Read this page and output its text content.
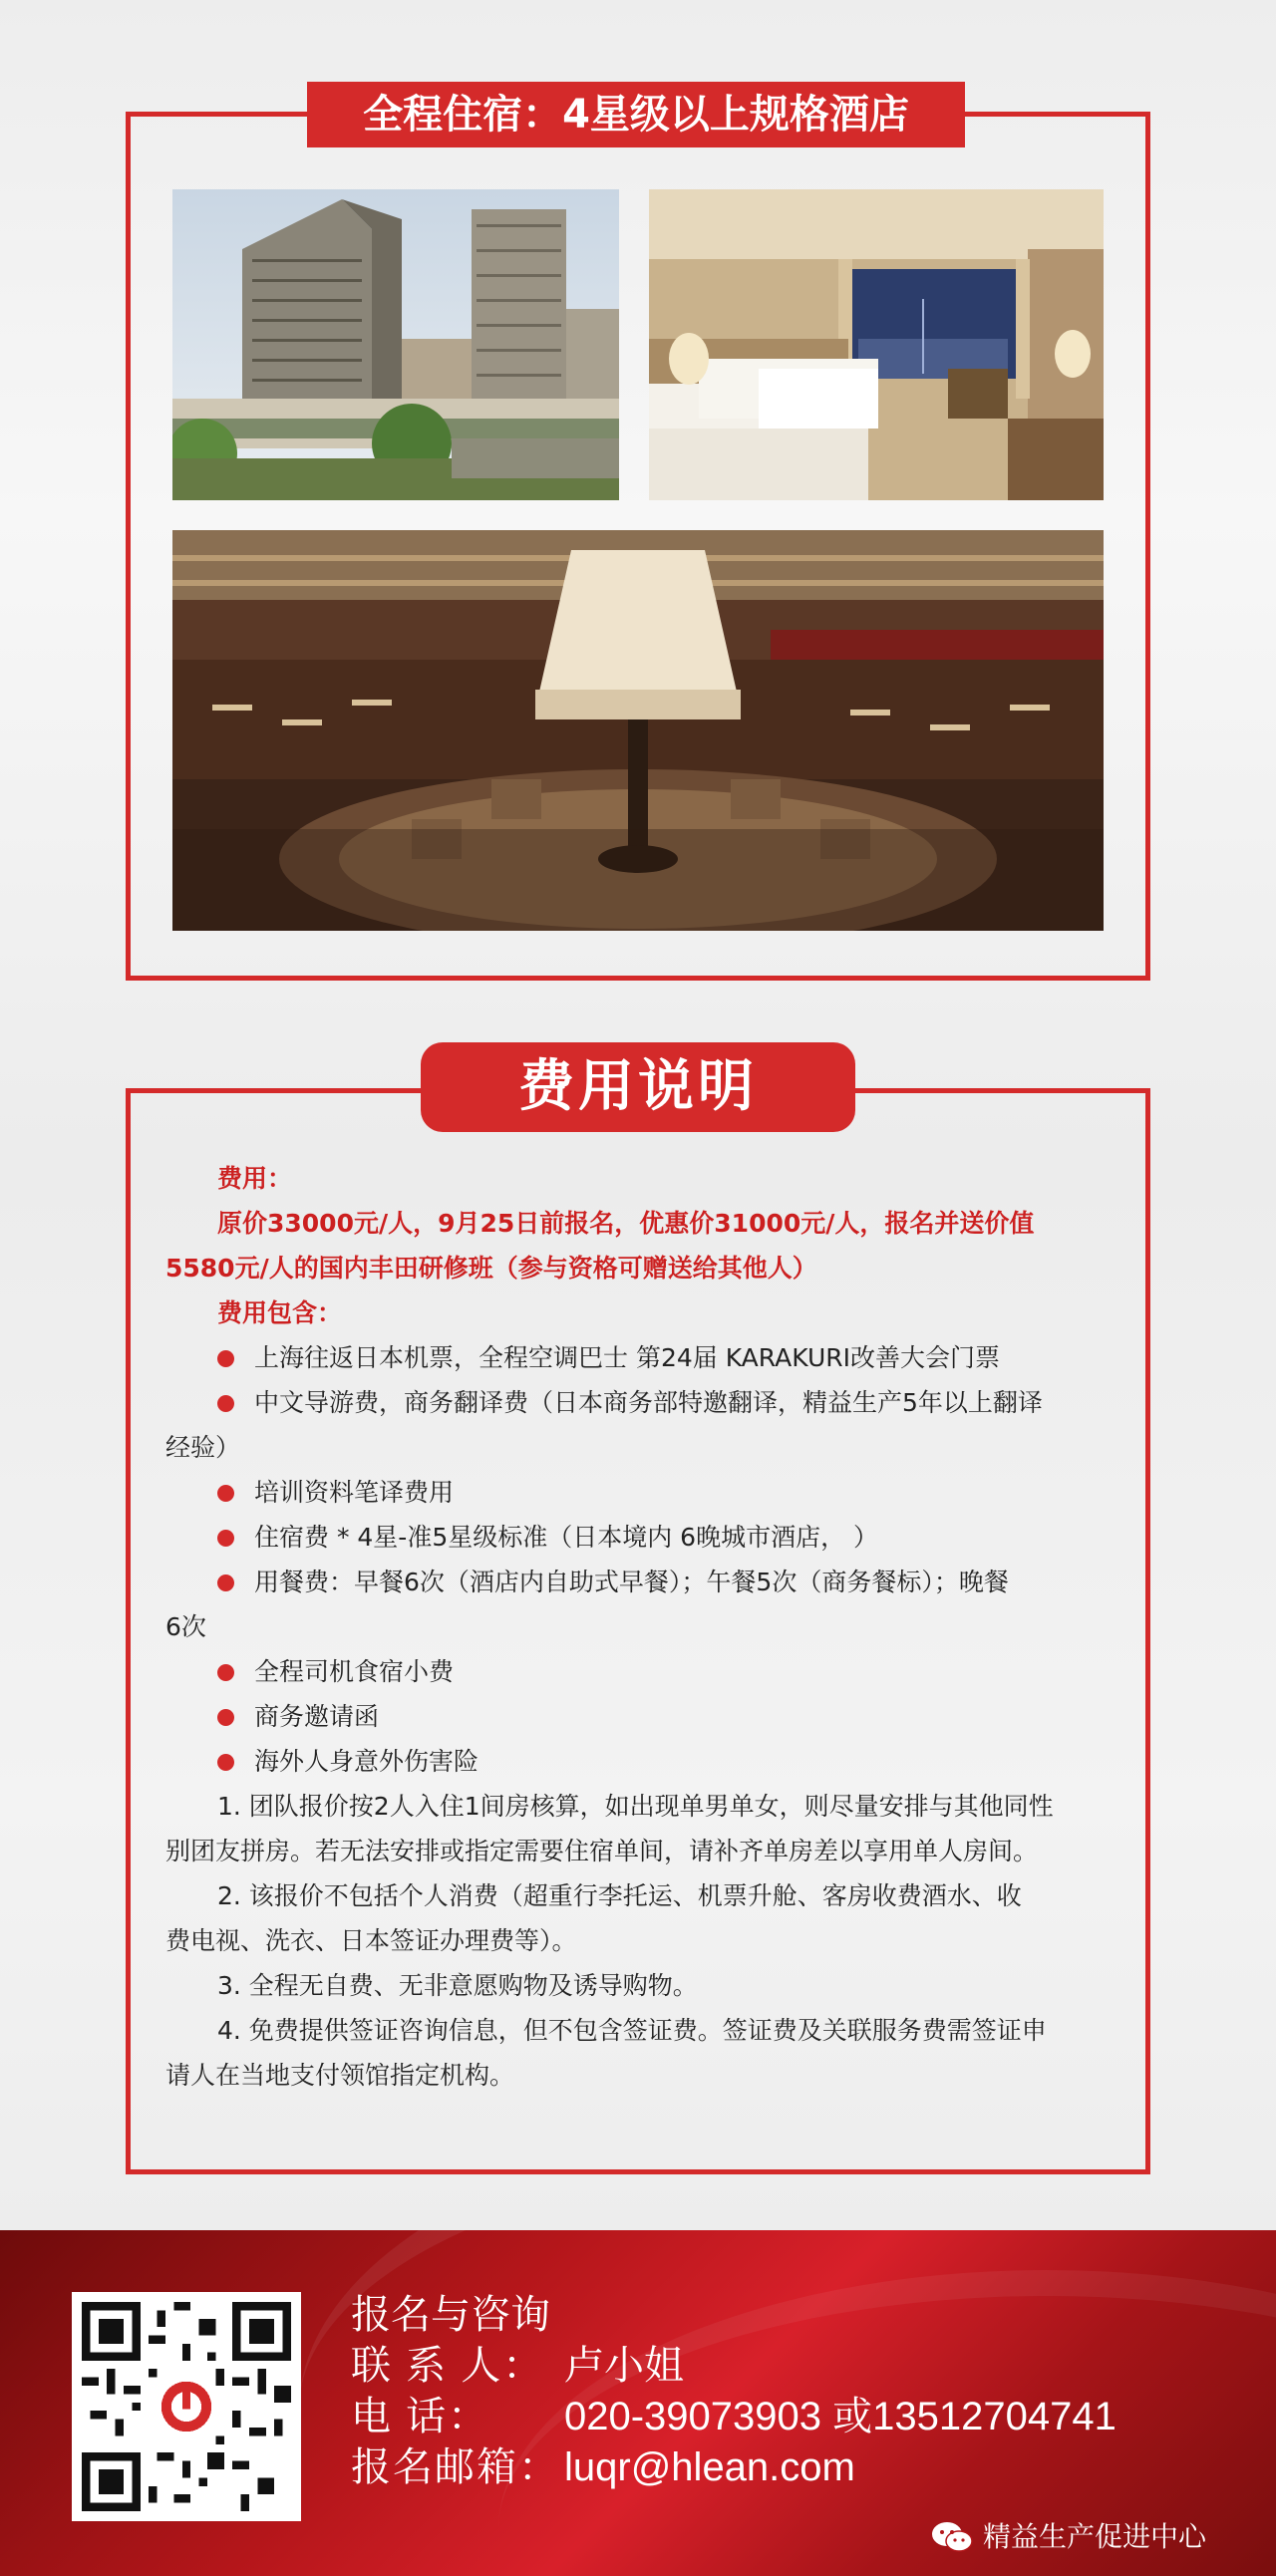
全程住宿：4星级以上规格酒店
费用说明

费用：

原价33000元/人，9月25日前报名，优惠价31000元/人，报名并送价值

5580元/人的国内丰田研修班（参与资格可赠送给其他人）

费用包含：

上海往返日本机票，全程空调巴士 第24届 KARAKURI改善大会门票

中文导游费，商务翻译费（日本商务部特邀翻译，精益生产5年以上翻译

经验）

培训资料笔译费用

住宿费 * 4星-准5星级标准（日本境内 6晚城市酒店， ）

用餐费：早餐6次（酒店内自助式早餐）；午餐5次（商务餐标）；晚餐

6次

全程司机食宿小费

商务邀请函

海外人身意外伤害险

1. 团队报价按2人入住1间房核算，如出现单男单女，则尽量安排与其他同性

别团友拼房。若无法安排或指定需要住宿单间，请补齐单房差以享用单人房间。

2. 该报价不包括个人消费（超重行李托运、机票升舱、客房收费酒水、收

费电视、洗衣、日本签证办理费等）。

3. 全程无自费、无非意愿购物及诱导购物。

4. 免费提供签证咨询信息，但不包含签证费。签证费及关联服务费需签证申

请人在当地支付领馆指定机构。

报名与咨询
联 系 人： 卢小姐
电 话： 020-39073903 或13512704741
报名邮箱： luqr@hlean.com
精益生产促进中心
